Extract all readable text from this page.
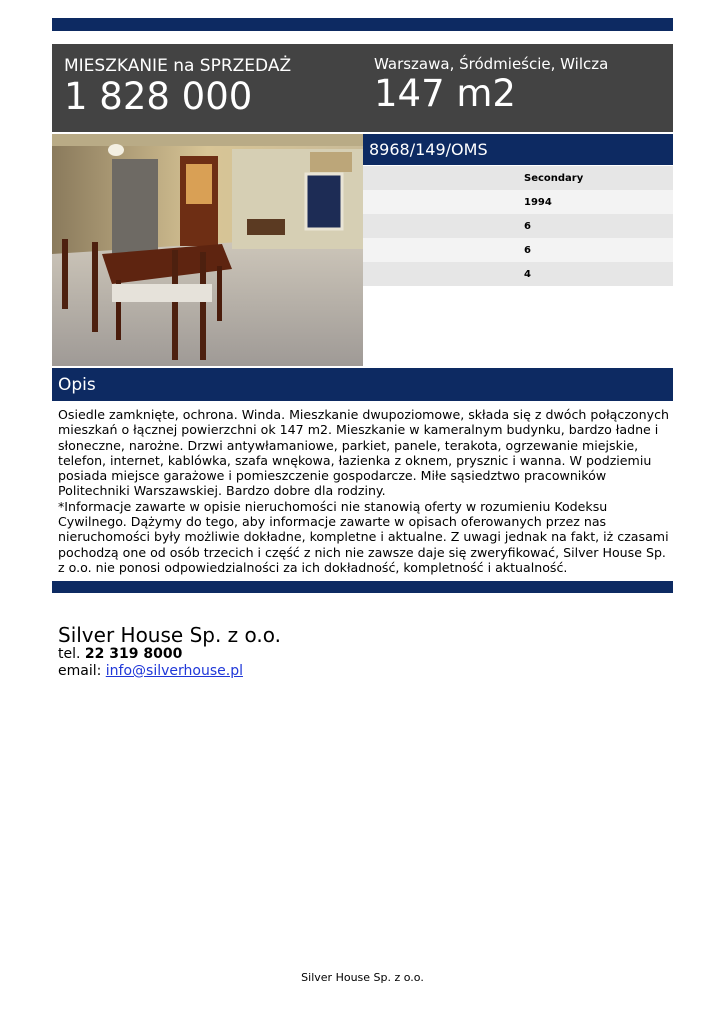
MIESZKANIE na SPRZEDAŻ
1 828 000
Warszawa, Śródmieście, Wilcza
147 m2
8968/149/OMS
Secondary
1994
6
6
4
Opis

Osiedle zamknięte, ochrona. Winda. Mieszkanie dwupoziomowe, składa się z dwóch połączonych mieszkań o łącznej powierzchni ok 147 m2. Mieszkanie w kameralnym budynku, bardzo ładne i słoneczne, narożne. Drzwi antywłamaniowe, parkiet, panele, terakota, ogrzewanie miejskie, telefon, internet, kablówka, szafa wnękowa, łazienka z oknem, prysznic i wanna. W podziemiu posiada miejsce garażowe i pomieszczenie gospodarcze. Miłe sąsiedztwo pracowników Politechniki Warszawskiej. Bardzo dobre dla rodziny.

*Informacje zawarte w opisie nieruchomości nie stanowią oferty w rozumieniu Kodeksu Cywilnego. Dążymy do tego, aby informacje zawarte w opisach oferowanych przez nas nieruchomości były możliwie dokładne, kompletne i aktualne. Z uwagi jednak na fakt, iż czasami pochodzą one od osób trzecich i część z nich nie zawsze daje się zweryfikować, Silver House Sp. z o.o. nie ponosi odpowiedzialności za ich dokładność, kompletność i aktualność.

Silver House Sp. z o.o.
tel. 22 319 8000
email: info@silverhouse.pl
Silver House Sp. z o.o.
